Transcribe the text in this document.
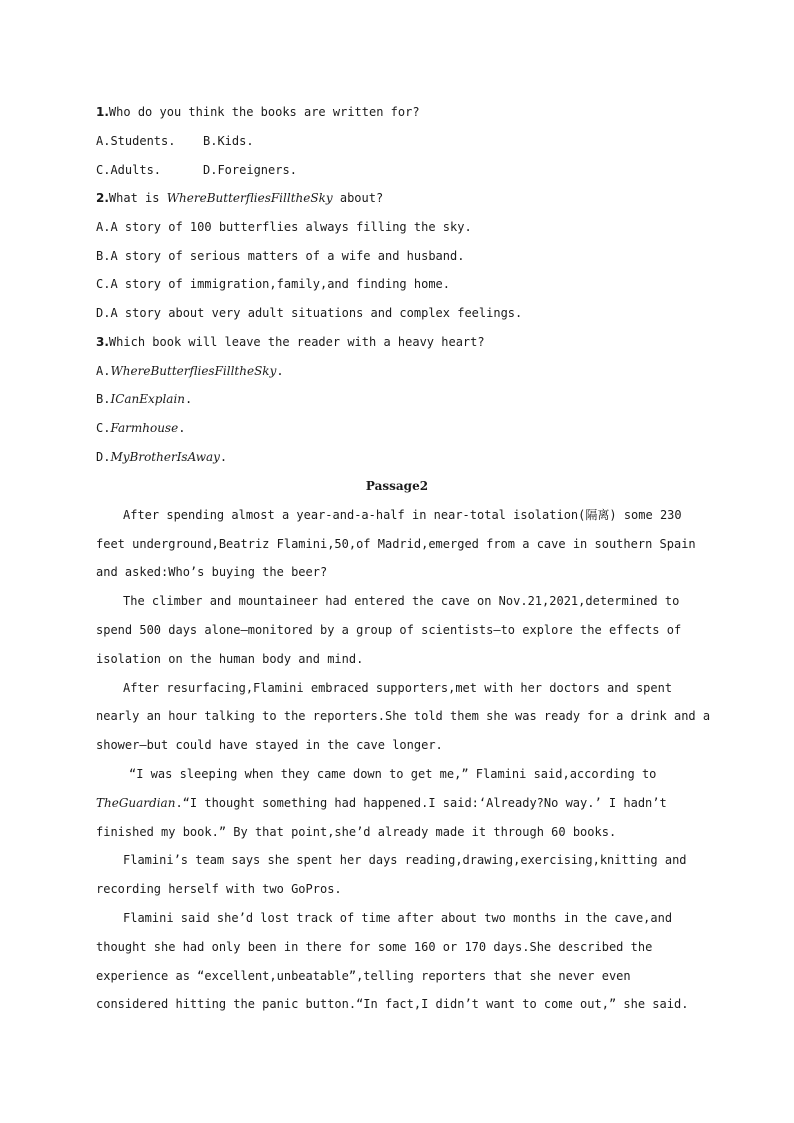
1.Who do you think the books are written for?
A.Students. B.Kids.
C.Adults.	D.Foreigners.
2.What is WhereButterfliesFilltheSky about?
A.A story of 100 butterflies always filling the sky.
B.A story of serious matters of a wife and husband.
C.A story of immigration,family,and finding home.
D.A story about very adult situations and complex feelings.
3.Which book will leave the reader with a heavy heart?
A.WhereButterfliesFilltheSky.
B.ICanExplain.
C.Farmhouse.
D.MyBrotherIsAway.
Passage2
After spending almost a year-and-a-half in near-total isolation(隔离) some 230
feet underground,Beatriz Flamini,50,of Madrid,emerged from a cave in southern Spain
and asked:Who’s buying the beer?
The climber and mountaineer had entered the cave on Nov.21,2021,determined to
spend 500 days alone—monitored by a group of scientists—to explore the effects of
isolation on the human body and mind.
After resurfacing,Flamini embraced supporters,met with her doctors and spent
nearly an hour talking to the reporters.She told them she was ready for a drink and a
shower—but could have stayed in the cave longer.
“I was sleeping when they came down to get me,” Flamini said,according to
TheGuardian.“I thought something had happened.I said:‘Already?No way.’ I hadn’t
finished my book.” By that point,she’d already made it through 60 books.
Flamini’s team says she spent her days reading,drawing,exercising,knitting and
recording herself with two GoPros.
Flamini said she’d lost track of time after about two months in the cave,and
thought she had only been in there for some 160 or 170 days.She described the
experience as “excellent,unbeatable”,telling reporters that she never even
considered hitting the panic button.“In fact,I didn’t want to come out,” she said.
